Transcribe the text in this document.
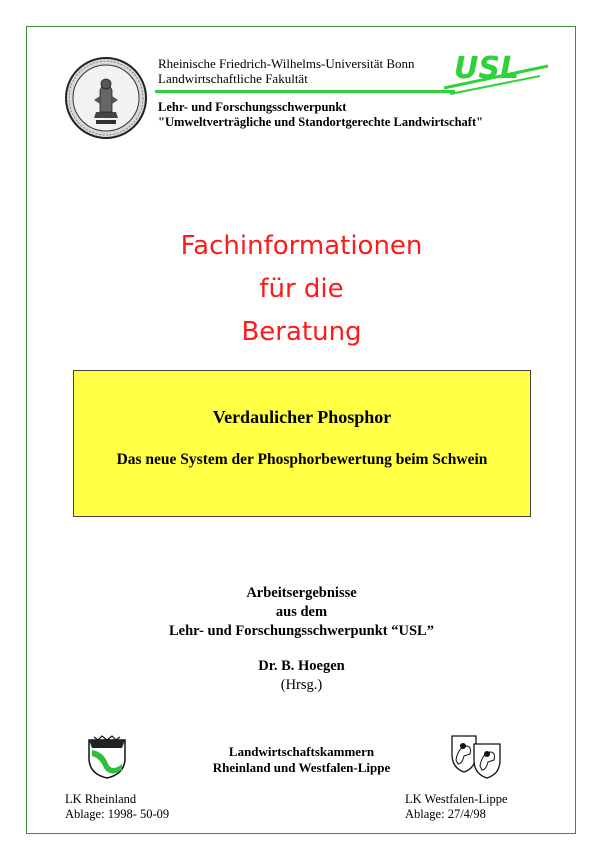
Rheinische Friedrich-Wilhelms-Universität Bonn
Landwirtschaftliche Fakultät
Lehr- und Forschungsschwerpunkt
"Umweltverträgliche und Standortgerechte Landwirtschaft"
USL
Fachinformationen
für die
Beratung
Verdaulicher Phosphor
Das neue System der Phosphorbewertung beim Schwein
Arbeitsergebnisse
aus dem
Lehr- und Forschungsschwerpunkt “USL”
Dr. B. Hoegen
(Hrsg.)
Landwirtschaftskammern
Rheinland und Westfalen-Lippe
LK Rheinland
Ablage: 1998- 50-09
LK Westfalen-Lippe
Ablage: 27/4/98
